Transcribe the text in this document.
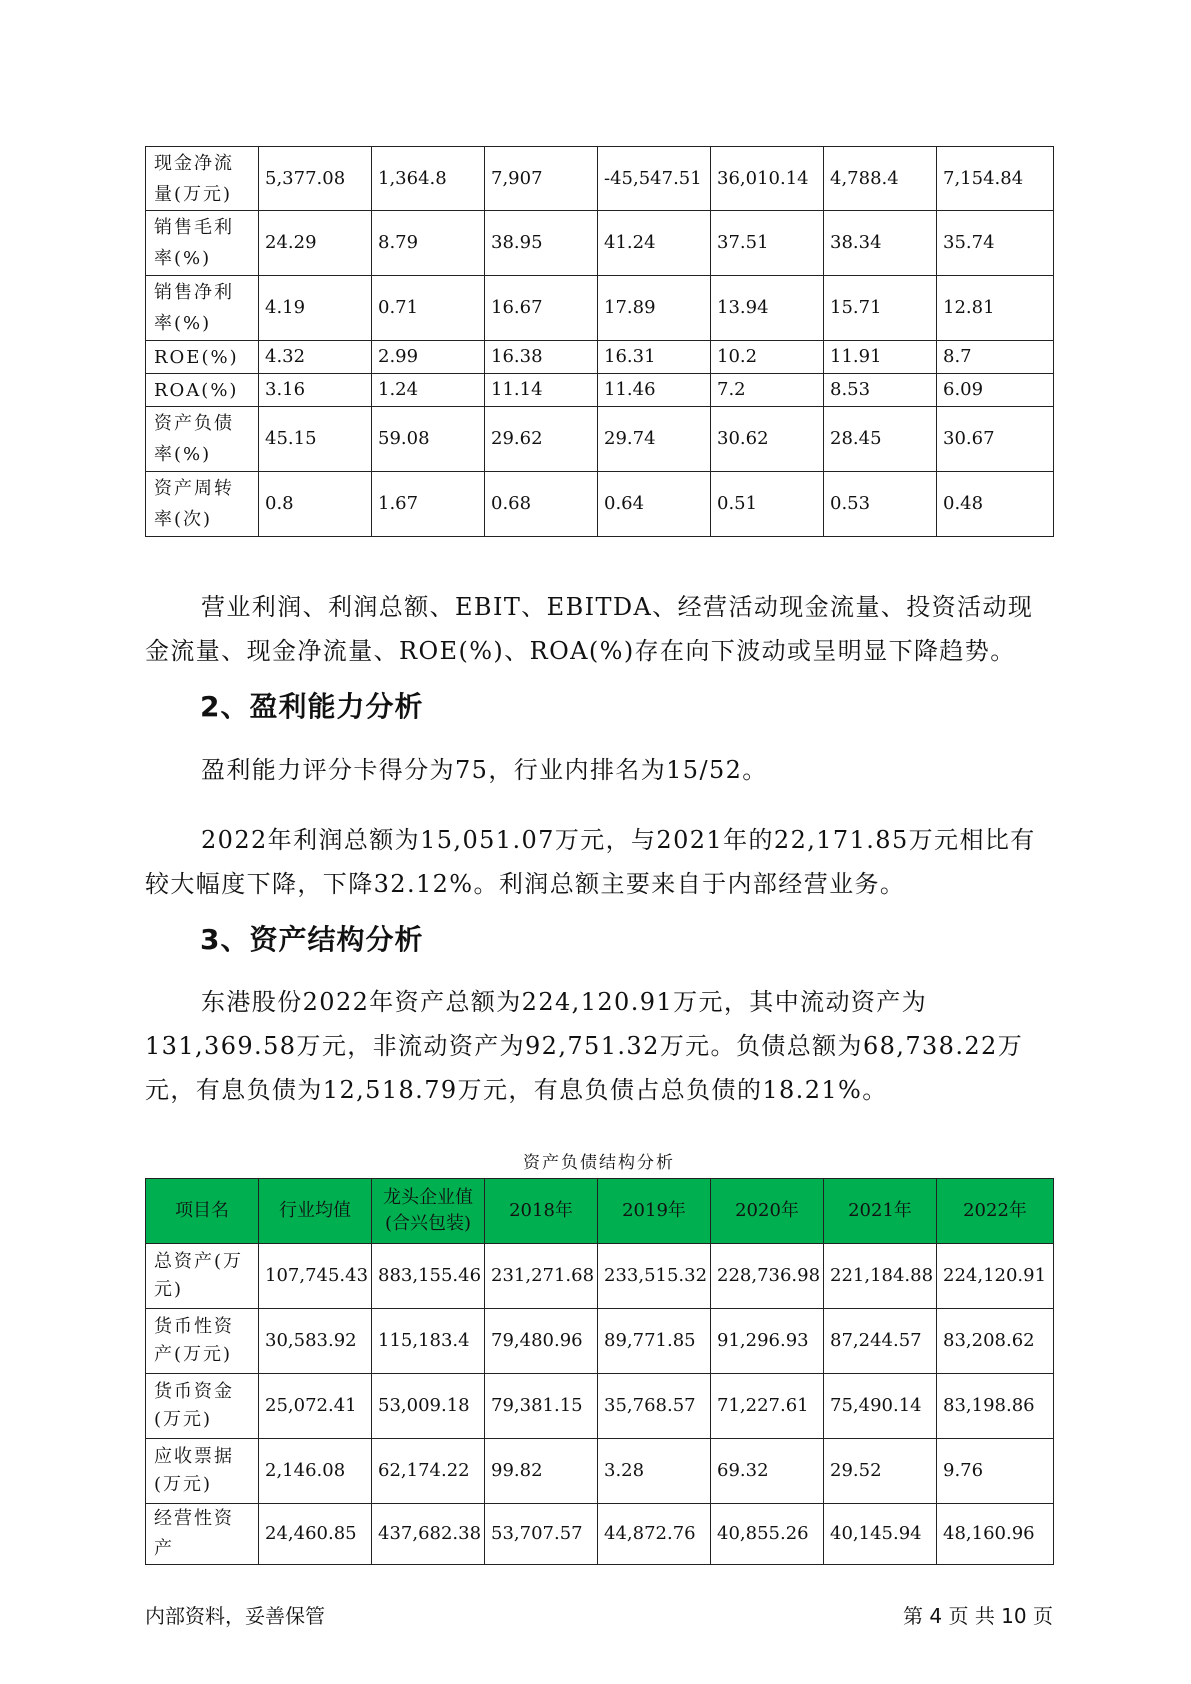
现金净流量(万元)	5,377.08	1,364.8	7,907	-45,547.51	36,010.14	4,788.4	7,154.84
销售毛利率(%)	24.29	8.79	38.95	41.24	37.51	38.34	35.74
销售净利率(%)	4.19	0.71	16.67	17.89	13.94	15.71	12.81
ROE(%)	4.32	2.99	16.38	16.31	10.2	11.91	8.7
ROA(%)	3.16	1.24	11.14	11.46	7.2	8.53	6.09
资产负债率(%)	45.15	59.08	29.62	29.74	30.62	28.45	30.67
资产周转率(次)	0.8	1.67	0.68	0.64	0.51	0.53	0.48

营业利润、利润总额、EBIT、EBITDA、经营活动现金流量、投资活动现金流量、现金净流量、ROE(%)、ROA(%)存在向下波动或呈明显下降趋势。

2、盈利能力分析

盈利能力评分卡得分为75，行业内排名为15/52。

2022年利润总额为15,051.07万元，与2021年的22,171.85万元相比有较大幅度下降，下降32.12%。利润总额主要来自于内部经营业务。

3、资产结构分析

东港股份2022年资产总额为224,120.91万元，其中流动资产为131,369.58万元，非流动资产为92,751.32万元。负债总额为68,738.22万元，有息负债为12,518.79万元，有息负债占总负债的18.21%。

资产负债结构分析

项目名	行业均值	龙头企业值(合兴包装)	2018年	2019年	2020年	2021年	2022年
总资产(万元)	107,745.43	883,155.46	231,271.68	233,515.32	228,736.98	221,184.88	224,120.91
货币性资产(万元)	30,583.92	115,183.4	79,480.96	89,771.85	91,296.93	87,244.57	83,208.62
货币资金(万元)	25,072.41	53,009.18	79,381.15	35,768.57	71,227.61	75,490.14	83,198.86
应收票据(万元)	2,146.08	62,174.22	99.82	3.28	69.32	29.52	9.76
经营性资产	24,460.85	437,682.38	53,707.57	44,872.76	40,855.26	40,145.94	48,160.96
内部资料，妥善保管	第 4 页 共 10 页
